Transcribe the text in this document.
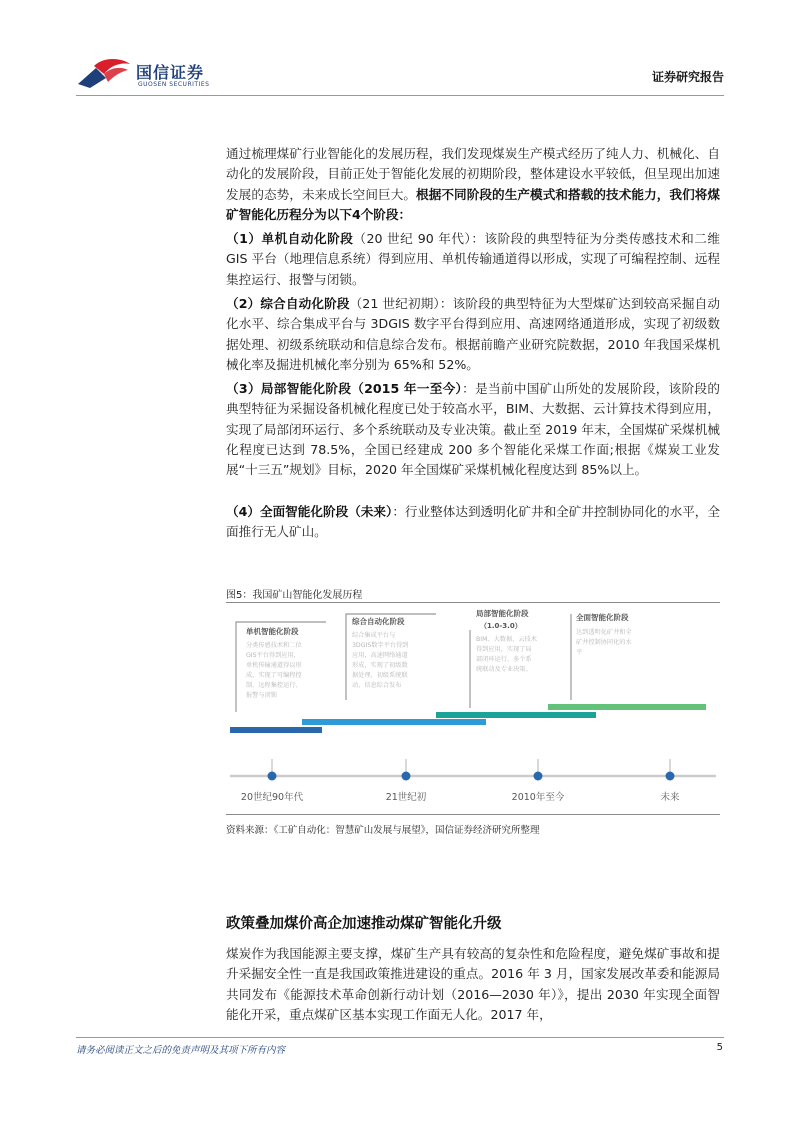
国信证券
GUOSEN SECURITIES
证券研究报告
通过梳理煤矿行业智能化的发展历程，我们发现煤炭生产模式经历了纯人力、机械化、自动化的发展阶段，目前正处于智能化发展的初期阶段，整体建设水平较低，但呈现出加速发展的态势，未来成长空间巨大。根据不同阶段的生产模式和搭载的技术能力，我们将煤矿智能化历程分为以下4个阶段：
（1）单机自动化阶段（20 世纪 90 年代）：该阶段的典型特征为分类传感技术和二维 GIS 平台（地理信息系统）得到应用、单机传输通道得以形成，实现了可编程控制、远程集控运行、报警与闭锁。
（2）综合自动化阶段（21 世纪初期）：该阶段的典型特征为大型煤矿达到较高采掘自动化水平、综合集成平台与 3DGIS 数字平台得到应用、高速网络通道形成，实现了初级数据处理、初级系统联动和信息综合发布。根据前瞻产业研究院数据，2010 年我国采煤机械化率及掘进机械化率分别为 65%和 52%。
（3）局部智能化阶段（2015 年一至今）：是当前中国矿山所处的发展阶段，该阶段的典型特征为采掘设备机械化程度已处于较高水平，BIM、大数据、云计算技术得到应用，实现了局部闭环运行、多个系统联动及专业决策。截止至 2019 年末，全国煤矿采煤机械化程度已达到 78.5%，全国已经建成 200 多个智能化采煤工作面;根据《煤炭工业发展“十三五”规划》目标，2020 年全国煤矿采煤机械化程度达到 85%以上。
（4）全面智能化阶段（未来）：行业整体达到透明化矿井和全矿井控制协同化的水平，全面推行无人矿山。
图5：我国矿山智能化发展历程
单机智能化阶段
分类传感技术和二位
GIS平台得到应用，
单机传输通道得以形
成，实现了可编程控
制、远程集控运行、
报警与闭锁
综合自动化阶段
综合集成平台与
3DGIS数字平台得到
应用，高速网络通道
形成，实现了初级数
据处理、初级系统联
动、信息综合发布
局部智能化阶段
（1.0-3.0）
BIM、大数据、云技术
得到应用，实现了局
部闭环运行、多个系
统联动及专业决策。
全面智能化阶段
达到透明化矿井和全
矿井控制协同化的水
平
20世纪90年代	21世纪初	2010年至今	未来
资料来源：《工矿自动化：智慧矿山发展与展望》，国信证券经济研究所整理
政策叠加煤价高企加速推动煤矿智能化升级
煤炭作为我国能源主要支撑，煤矿生产具有较高的复杂性和危险程度，避免煤矿事故和提升采掘安全性一直是我国政策推进建设的重点。2016 年 3 月，国家发展改革委和能源局共同发布《能源技术革命创新行动计划（2016—2030 年）》，提出 2030 年实现全面智能化开采，重点煤矿区基本实现工作面无人化。2017 年，
请务必阅读正文之后的免责声明及其项下所有内容	5
